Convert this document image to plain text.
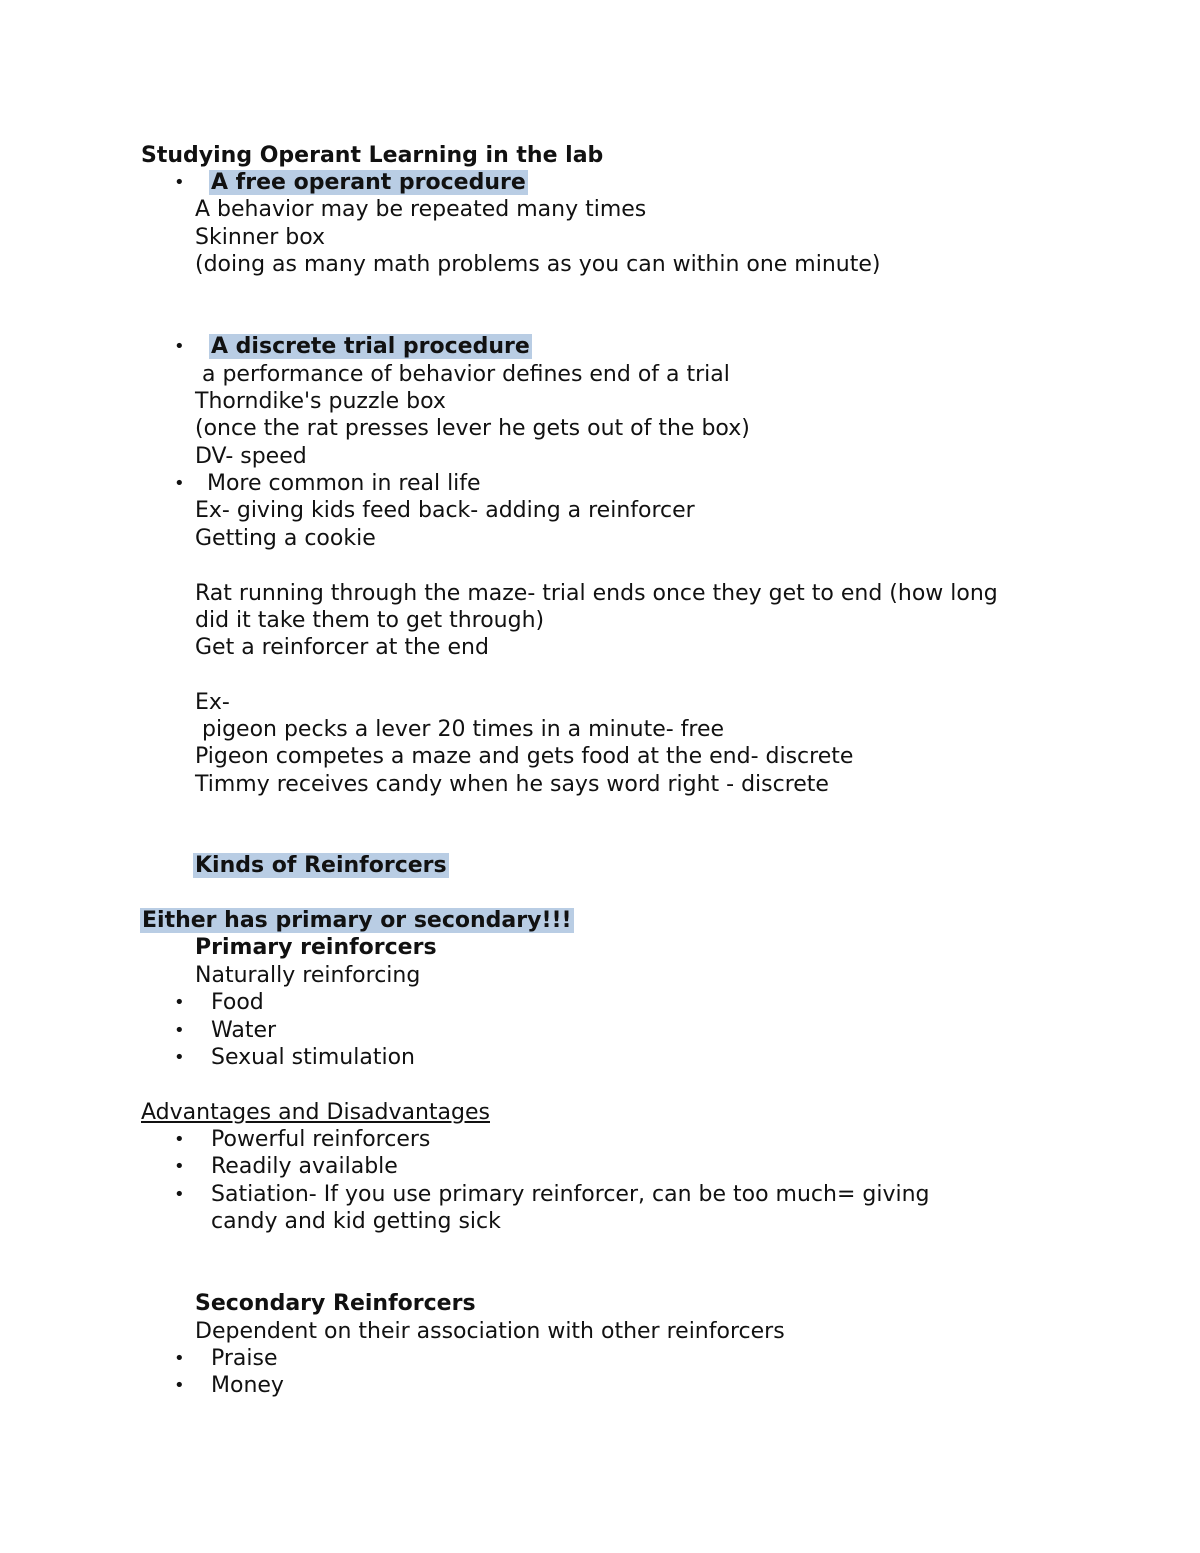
Studying Operant Learning in the lab
• A free operant procedure
A behavior may be repeated many times
Skinner box
(doing as many math problems as you can within one minute)
• A discrete trial procedure
a performance of behavior defines end of a trial
Thorndike's puzzle box
(once the rat presses lever he gets out of the box)
DV- speed
• More common in real life
Ex- giving kids feed back- adding a reinforcer
Getting a cookie
Rat running through the maze- trial ends once they get to end (how long
did it take them to get through)
Get a reinforcer at the end
Ex-
pigeon pecks a lever 20 times in a minute- free
Pigeon competes a maze and gets food at the end- discrete
Timmy receives candy when he says word right - discrete
Kinds of Reinforcers
Either has primary or secondary!!!
Primary reinforcers
Naturally reinforcing
• Food
• Water
• Sexual stimulation
Advantages and Disadvantages
• Powerful reinforcers
• Readily available
• Satiation- If you use primary reinforcer, can be too much= giving
candy and kid getting sick
Secondary Reinforcers
Dependent on their association with other reinforcers
• Praise
• Money
